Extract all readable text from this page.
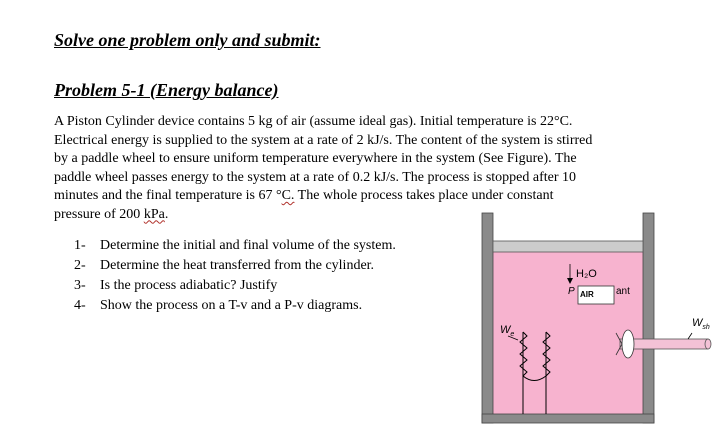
Solve one problem only and submit:
Problem 5-1 (Energy balance)

A Piston Cylinder device contains 5 kg of air (assume ideal gas). Initial temperature is 22°C.
Electrical energy is supplied to the system at a rate of 2 kJ/s. The content of the system is stirred
by a paddle wheel to ensure uniform temperature everywhere in the system (See Figure). The
paddle wheel passes energy to the system at a rate of 0.2 kJ/s. The process is stopped after 10
minutes and the final temperature is 67 °C. The whole process takes place under constant
pressure of 200 kPa.

1- Determine the initial and final volume of the system.
2- Determine the heat transferred from the cylinder.
3- Is the process adiabatic? Justify
4- Show the process on a T-v and a P-v diagrams.
H₂O
AIR
P	ant
$W_e$
$W_{sh}$
